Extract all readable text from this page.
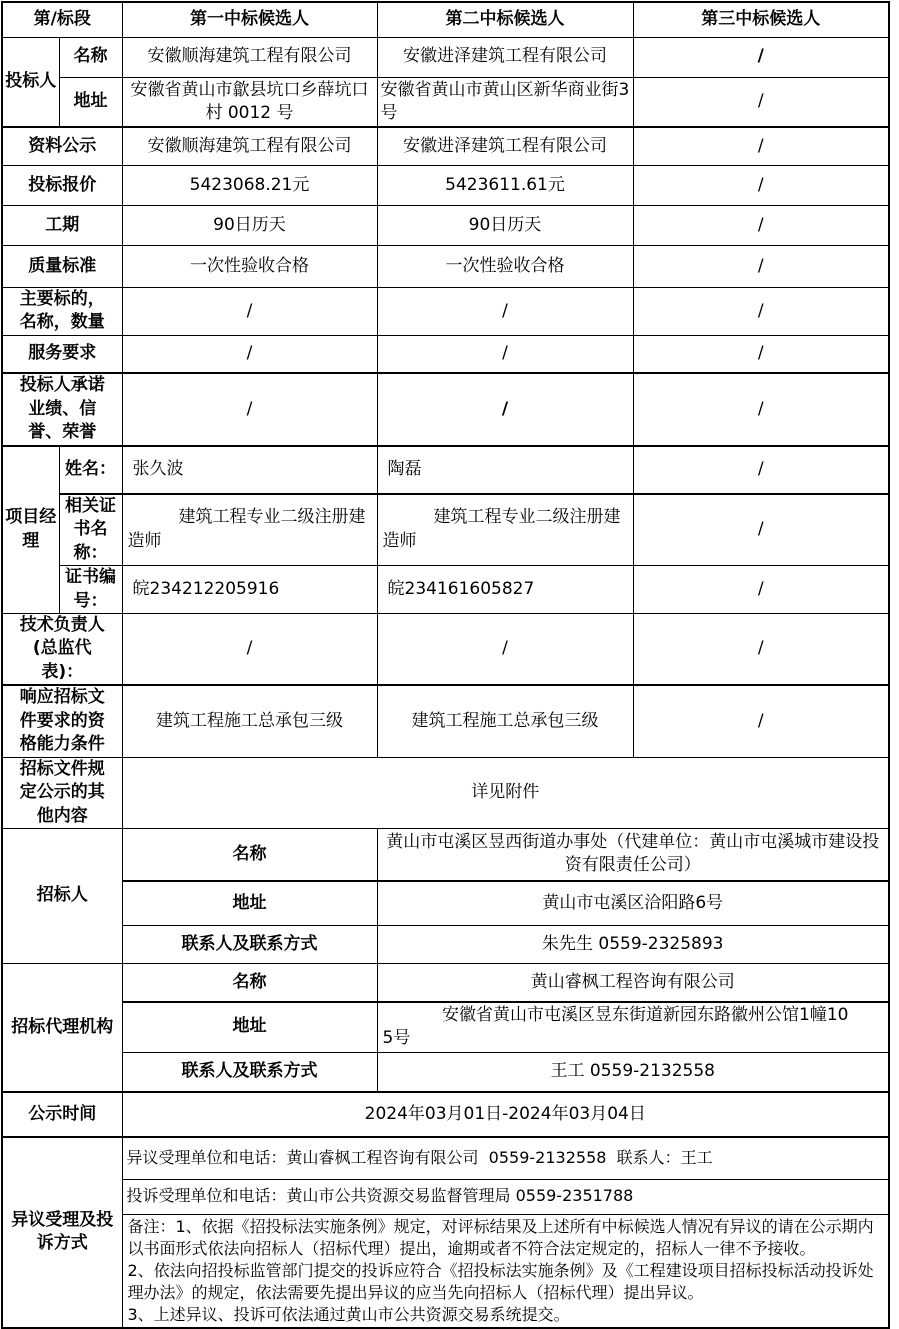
第/标段		第一中标候选人	第二中标候选人	第三中标候选人
投标人	名称	安徽顺海建筑工程有限公司	安徽进泽建筑工程有限公司	/
	地址	安徽省黄山市歙县坑口乡薛坑口村 0012 号	安徽省黄山市黄山区新华商业街3号	/
资料公示		安徽顺海建筑工程有限公司	安徽进泽建筑工程有限公司	/
投标报价		5423068.21元	5423611.61元	/
工期		90日历天	90日历天	/
质量标准		一次性验收合格	一次性验收合格	/
主要标的，名称，数量		/	/	/
服务要求		/	/	/
投标人承诺业绩、信誉、荣誉		/	/	/
项目经理	姓名：	张久波	陶磊	/
	相关证书名称：	建筑工程专业二级注册建造师	建筑工程专业二级注册建造师	/
	证书编号：	皖234212205916	皖234161605827	/
技术负责人(总监代表)：		/	/	/
响应招标文件要求的资格能力条件		建筑工程施工总承包三级	建筑工程施工总承包三级	/
招标文件规定公示的其他内容		详见附件		
招标人		名称	黄山市屯溪区昱西街道办事处（代建单位：黄山市屯溪城市建设投资有限责任公司）	
		地址	黄山市屯溪区洽阳路6号	
		联系人及联系方式	朱先生 0559-2325893	
招标代理机构		名称	黄山睿枫工程咨询有限公司	
		地址	安徽省黄山市屯溪区昱东街道新园东路徽州公馆1幢105号	
		联系人及联系方式	王工 0559-2132558	
公示时间		2024年03月01日-2024年03月04日		
异议受理及投诉方式		异议受理单位和电话：黄山睿枫工程咨询有限公司  0559-2132558  联系人：王工		
		投诉受理单位和电话：黄山市公共资源交易监督管理局 0559-2351788		

		备注：1、依据《招投标法实施条例》规定，对评标结果及上述所有中标候选人情况有异议的请在公示期内以书面形式依法向招标人（招标代理）提出，逾期或者不符合法定规定的，招标人一律不予接收。
2、依法向招投标监管部门提交的投诉应符合《招投标法实施条例》及《工程建设项目招标投标活动投诉处理办法》的规定，依法需要先提出异议的应当先向招标人（招标代理）提出异议。
3、上述异议、投诉可依法通过黄山市公共资源交易系统提交。		
